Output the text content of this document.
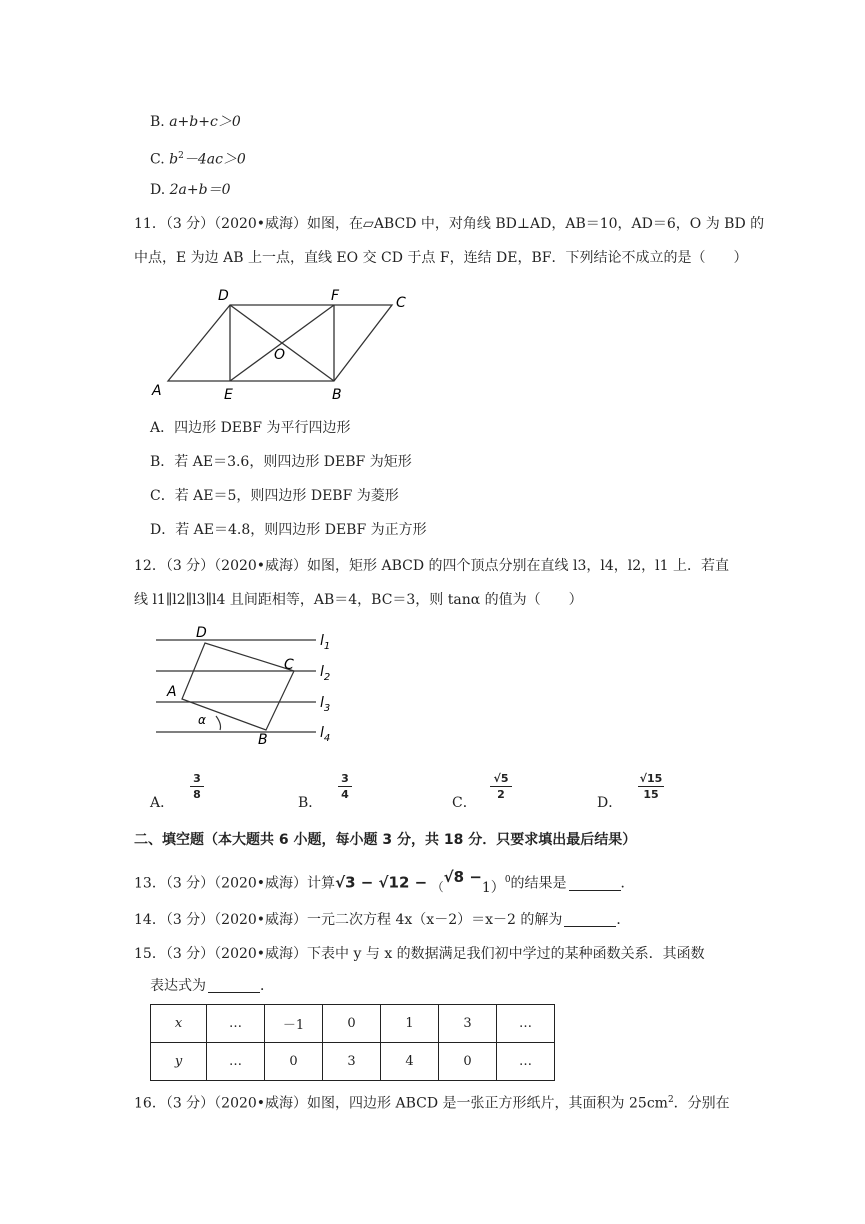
B. a+b+c＞0
C. $b^2-4ac>0$
D. 2a+b＝0
11．（3 分）（2020•威海）如图，在▱ABCD 中，对角线 BD⊥AD，AB＝10，AD＝6，O 为 BD 的
中点，E 为边 AB 上一点，直线 EO 交 CD 于点 F，连结 DE，BF．下列结论不成立的是（　　）
D	F	C
O
A	E	B
A．四边形 DEBF 为平行四边形
B．若 AE＝3.6，则四边形 DEBF 为矩形
C．若 AE＝5，则四边形 DEBF 为菱形
D．若 AE＝4.8，则四边形 DEBF 为正方形
12．（3 分）（2020•威海）如图，矩形 ABCD 的四个顶点分别在直线 l3，l4，l2，l1 上．若直
线 l1∥l2∥l3∥l4 且间距相等，AB＝4，BC＝3，则 tanα 的值为（　　）
D
C
A
B
α
$l_1$
$l_2$
$l_3$
$l_4$
A．
3
8
B．
3
4
C．
√5
2
D．
√15
15
二、填空题（本大题共 6 小题，每小题 3 分，共 18 分．只要求填出最后结果）
13．（3 分）（2020•威海）计算$√3 - √12 - (√8 -1)^0$的结果是	．
14．（3 分）（2020•威海）一元二次方程 4x（x－2）＝x－2 的解为	．
15．（3 分）（2020•威海）下表中 y 与 x 的数据满足我们初中学过的某种函数关系．其函数
表达式为	．
x	…	－1	0	1	3	…
y	…	0	3	4	0	…
16．（3 分）（2020•威海）如图，四边形 ABCD 是一张正方形纸片，其面积为 $25cm^2$．分别在
